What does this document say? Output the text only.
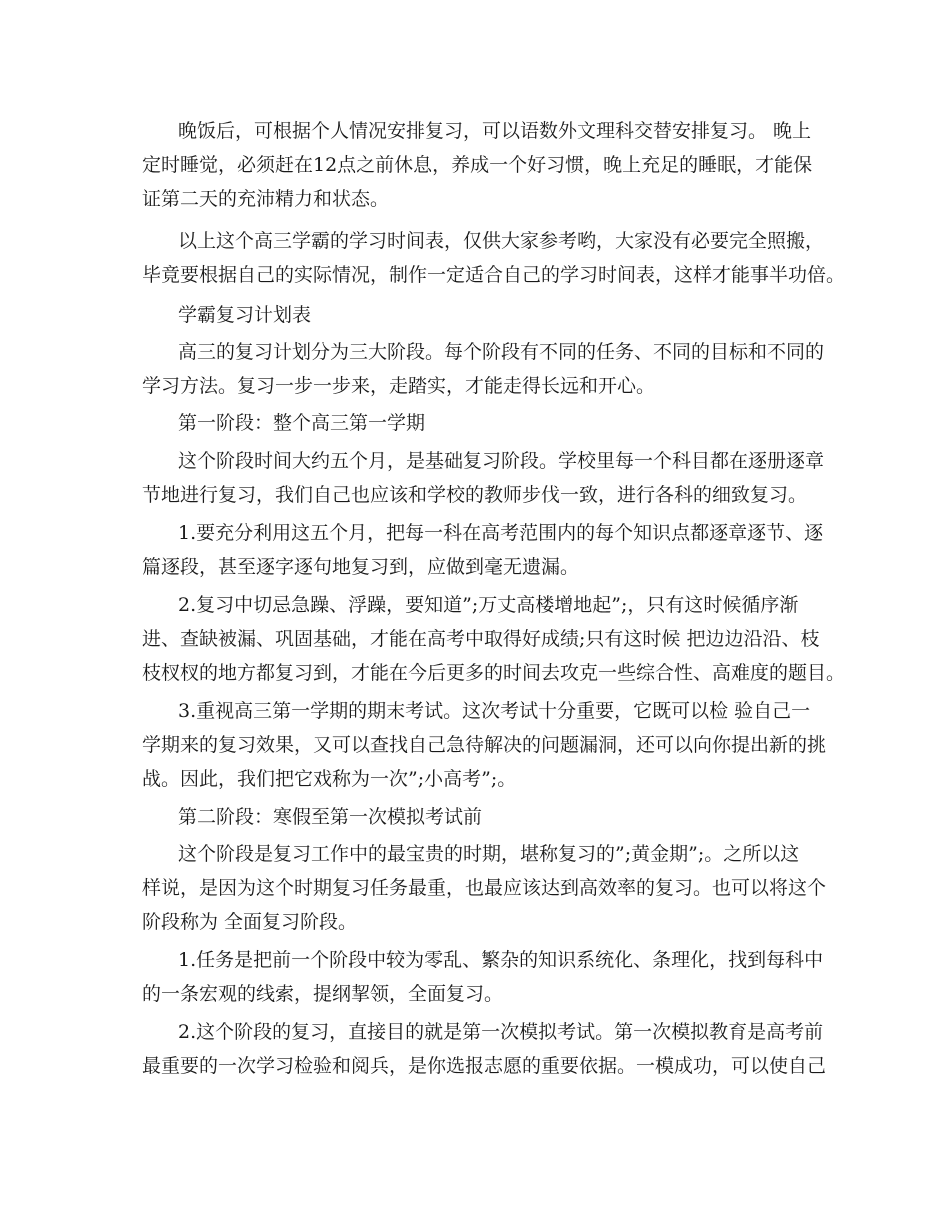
晚饭后，可根据个人情况安排复习，可以语数外文理科交替安排复习。 晚上
定时睡觉，必须赶在12点之前休息，养成一个好习惯，晚上充足的睡眠，才能保
证第二天的充沛精力和状态。
以上这个高三学霸的学习时间表，仅供大家参考哟，大家没有必要完全照搬，
毕竟要根据自己的实际情况，制作一定适合自己的学习时间表，这样才能事半功倍。
学霸复习计划表
高三的复习计划分为三大阶段。每个阶段有不同的任务、不同的目标和不同的
学习方法。复习一步一步来，走踏实，才能走得长远和开心。
第一阶段：整个高三第一学期
这个阶段时间大约五个月，是基础复习阶段。学校里每一个科目都在逐册逐章
节地进行复习，我们自己也应该和学校的教师步伐一致，进行各科的细致复习。
1.要充分利用这五个月，把每一科在高考范围内的每个知识点都逐章逐节、逐
篇逐段，甚至逐字逐句地复习到，应做到毫无遗漏。
2.复习中切忌急躁、浮躁，要知道”;万丈高楼增地起”;，只有这时候循序渐
进、查缺被漏、巩固基础，才能在高考中取得好成绩;只有这时候 把边边沿沿、枝
枝杈杈的地方都复习到，才能在今后更多的时间去攻克一些综合性、高难度的题目。
3.重视高三第一学期的期末考试。这次考试十分重要，它既可以检 验自己一
学期来的复习效果，又可以查找自己急待解决的问题漏洞，还可以向你提出新的挑
战。因此，我们把它戏称为一次”;小高考”;。
第二阶段：寒假至第一次模拟考试前
这个阶段是复习工作中的最宝贵的时期，堪称复习的”;黄金期”;。之所以这
样说，是因为这个时期复习任务最重，也最应该达到高效率的复习。也可以将这个
阶段称为 全面复习阶段。
1.任务是把前一个阶段中较为零乱、繁杂的知识系统化、条理化，找到每科中
的一条宏观的线索，提纲挈领，全面复习。
2.这个阶段的复习，直接目的就是第一次模拟考试。第一次模拟教育是高考前
最重要的一次学习检验和阅兵，是你选报志愿的重要依据。一模成功，可以使自己
